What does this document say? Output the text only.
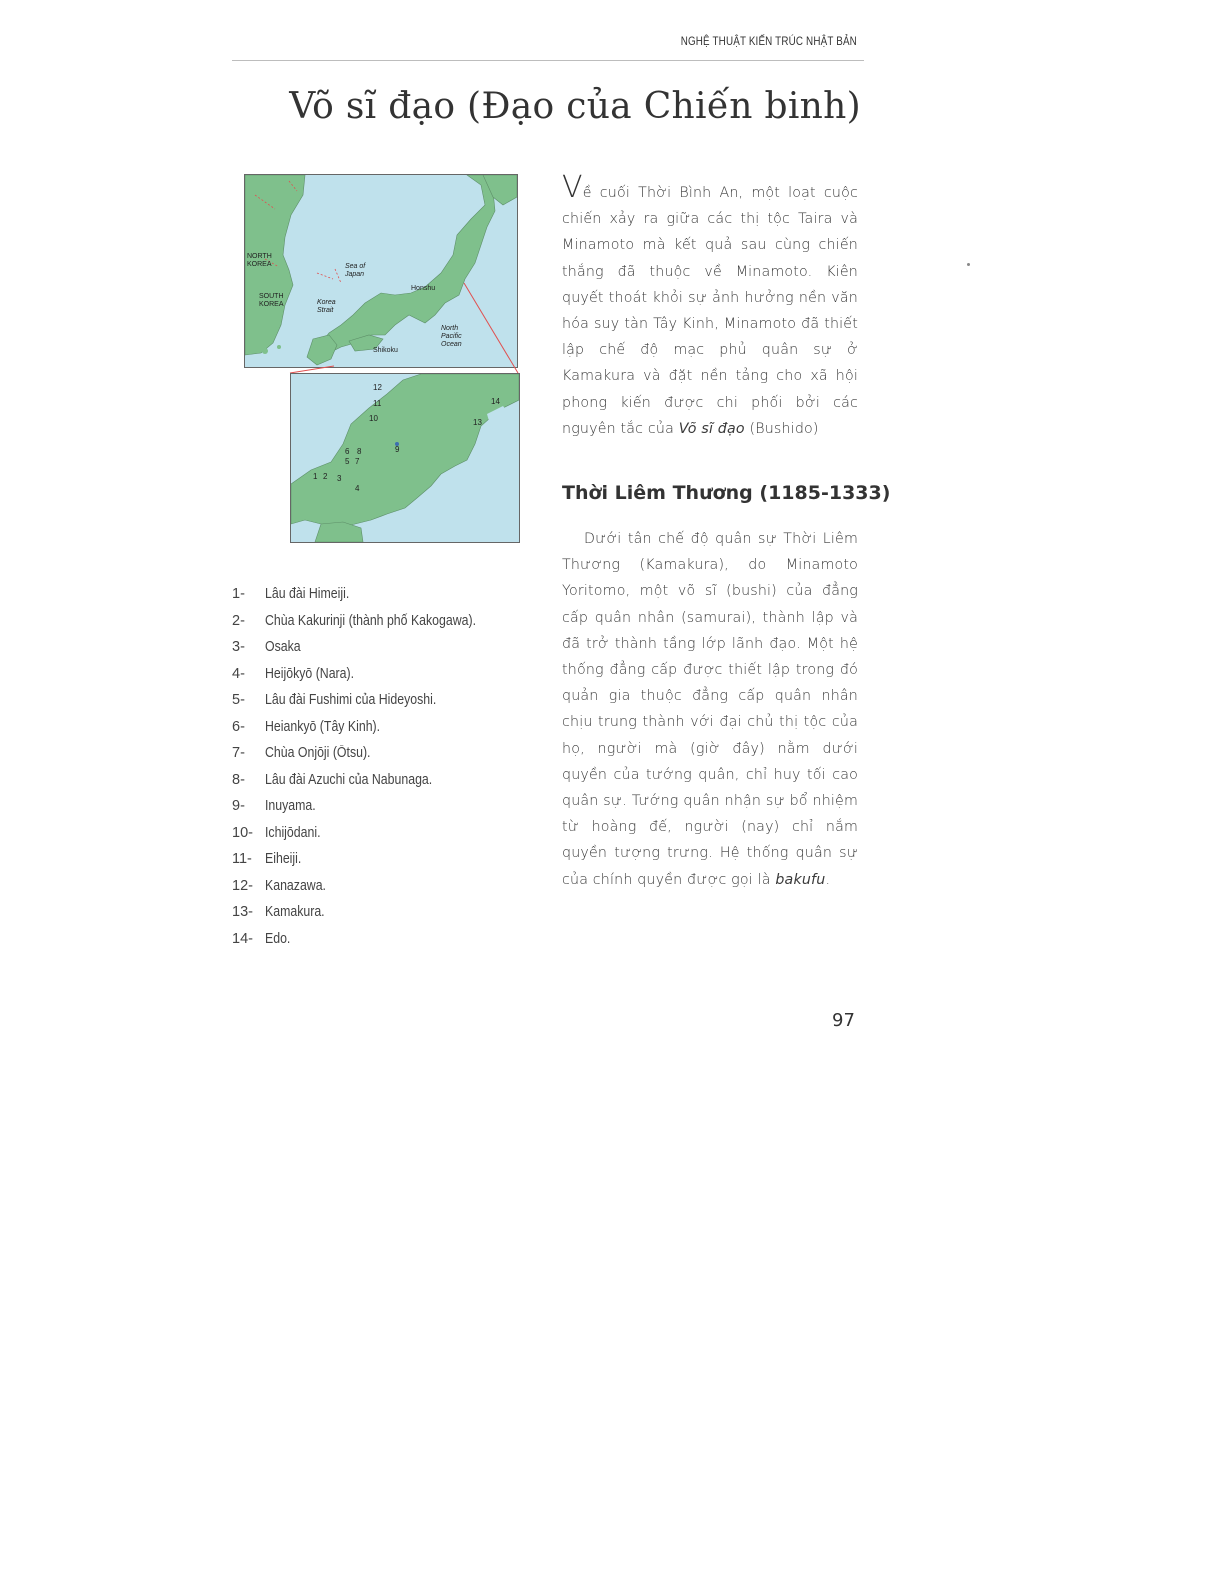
NGHỆ THUẬT KIẾN TRÚC NHẬT BẢN
Võ sĩ đạo (Đạo của Chiến binh)
NORTH
KOREA
SOUTH
KOREA
Sea of
Japan
Korea
Strait
Honshu
Shikoku
North
Pacific
Ocean
1 2 3
4
5
6
7
8	9
10
11
12
13
14
1-	Lâu đài Himeiji.
2-	Chùa Kakurinji (thành phố Kakogawa).
3-	Osaka
4-	Heijōkyō (Nara).
5-	Lâu đài Fushimi của Hideyoshi.
6-	Heiankyō (Tây Kinh).
7-	Chùa Onjōji (Ōtsu).
8-	Lâu đài Azuchi của Nabunaga.
9-	Inuyama.
10- Ichijōdani.
11- Eiheiji.
12- Kanazawa.
13- Kamakura.
14- Edo.
Về cuối Thời Bình An, một loạt cuộc chiến xảy ra giữa các thị tộc Taira và Minamoto mà kết quả sau cùng chiến thắng đã thuộc về Minamoto. Kiên quyết thoát khỏi sự ảnh hưởng nền văn hóa suy tàn Tây Kinh, Minamoto đã thiết lập chế độ mạc phủ quân sự ở Kamakura và đặt nền tảng cho xã hội phong kiến được chi phối bởi các nguyên tắc của Võ sĩ đạo (Bushido)
Thời Liêm Thương (1185-1333)
Dưới tân chế độ quân sự Thời Liêm Thương (Kamakura), do Minamoto Yoritomo, một võ sĩ (bushi) của đẳng cấp quân nhân (samurai), thành lập và đã trở thành tầng lớp lãnh đạo. Một hệ thống đẳng cấp được thiết lập trong đó quản gia thuộc đẳng cấp quân nhân chịu trung thành với đại chủ thị tộc của họ, người mà (giờ đây) nằm dưới quyền của tướng quân, chỉ huy tối cao quân sự. Tướng quân nhận sự bổ nhiệm từ hoàng đế, người (nay) chỉ nắm quyền tượng trưng. Hệ thống quân sự của chính quyền được gọi là bakufu.
97
